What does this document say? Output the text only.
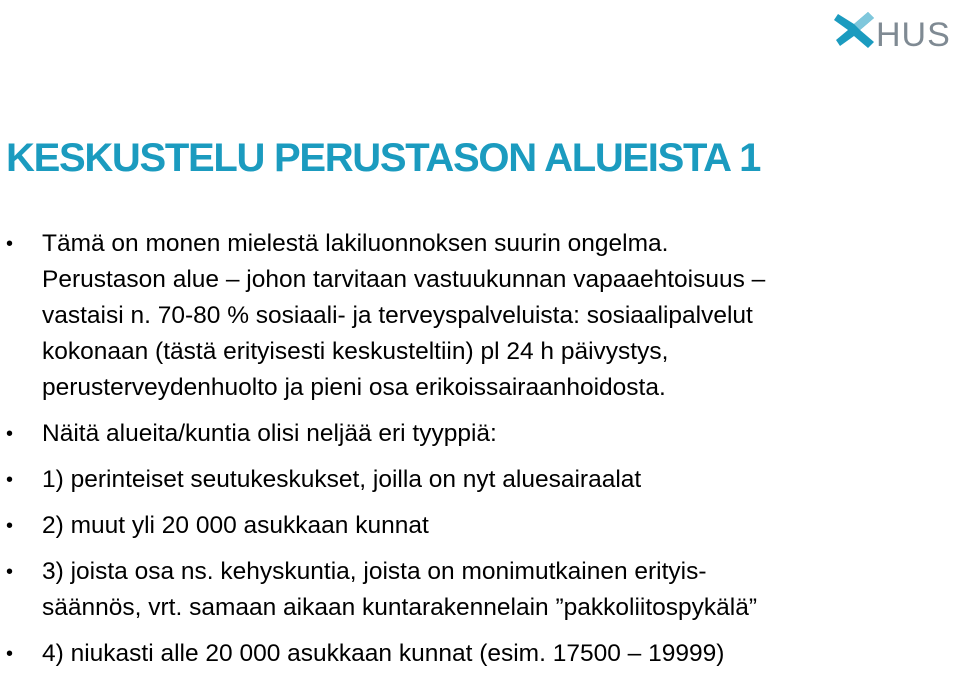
HUS
KESKUSTELU PERUSTASON ALUEISTA 1
• Tämä on monen mielestä lakiluonnoksen suurin ongelma.
Perustason alue – johon tarvitaan vastuukunnan vapaaehtoisuus –
vastaisi n. 70-80 % sosiaali- ja terveyspalveluista: sosiaalipalvelut
kokonaan (tästä erityisesti keskusteltiin) pl 24 h päivystys,
perusterveydenhuolto ja pieni osa erikoissairaanhoidosta.
• Näitä alueita/kuntia olisi neljää eri tyyppiä:
• 1) perinteiset seutukeskukset, joilla on nyt aluesairaalat
• 2) muut yli 20 000 asukkaan kunnat
• 3) joista osa ns. kehyskuntia, joista on monimutkainen erityis-
säännös, vrt. samaan aikaan kuntarakennelain ”pakkoliitospykälä”
• 4) niukasti alle 20 000 asukkaan kunnat (esim. 17500 – 19999)
